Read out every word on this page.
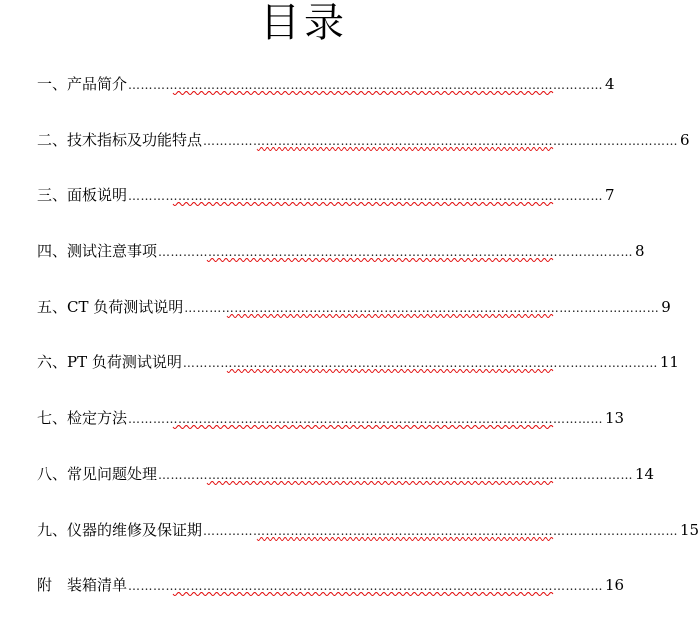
目录
一、产品简介 …………………………………………………………………………………………………… 4
二、技术指标及功能特点 …………………………………………………………………………………………………… 6
三、面板说明 …………………………………………………………………………………………………… 7
四、测试注意事项 …………………………………………………………………………………………………… 8
五、CT 负荷测试说明 …………………………………………………………………………………………………… 9
六、PT 负荷测试说明 …………………………………………………………………………………………………… 11
七、检定方法 …………………………………………………………………………………………………… 13
八、常见问题处理 …………………………………………………………………………………………………… 14
九、仪器的维修及保证期 …………………………………………………………………………………………………… 15
附　装箱清单 …………………………………………………………………………………………………… 16
